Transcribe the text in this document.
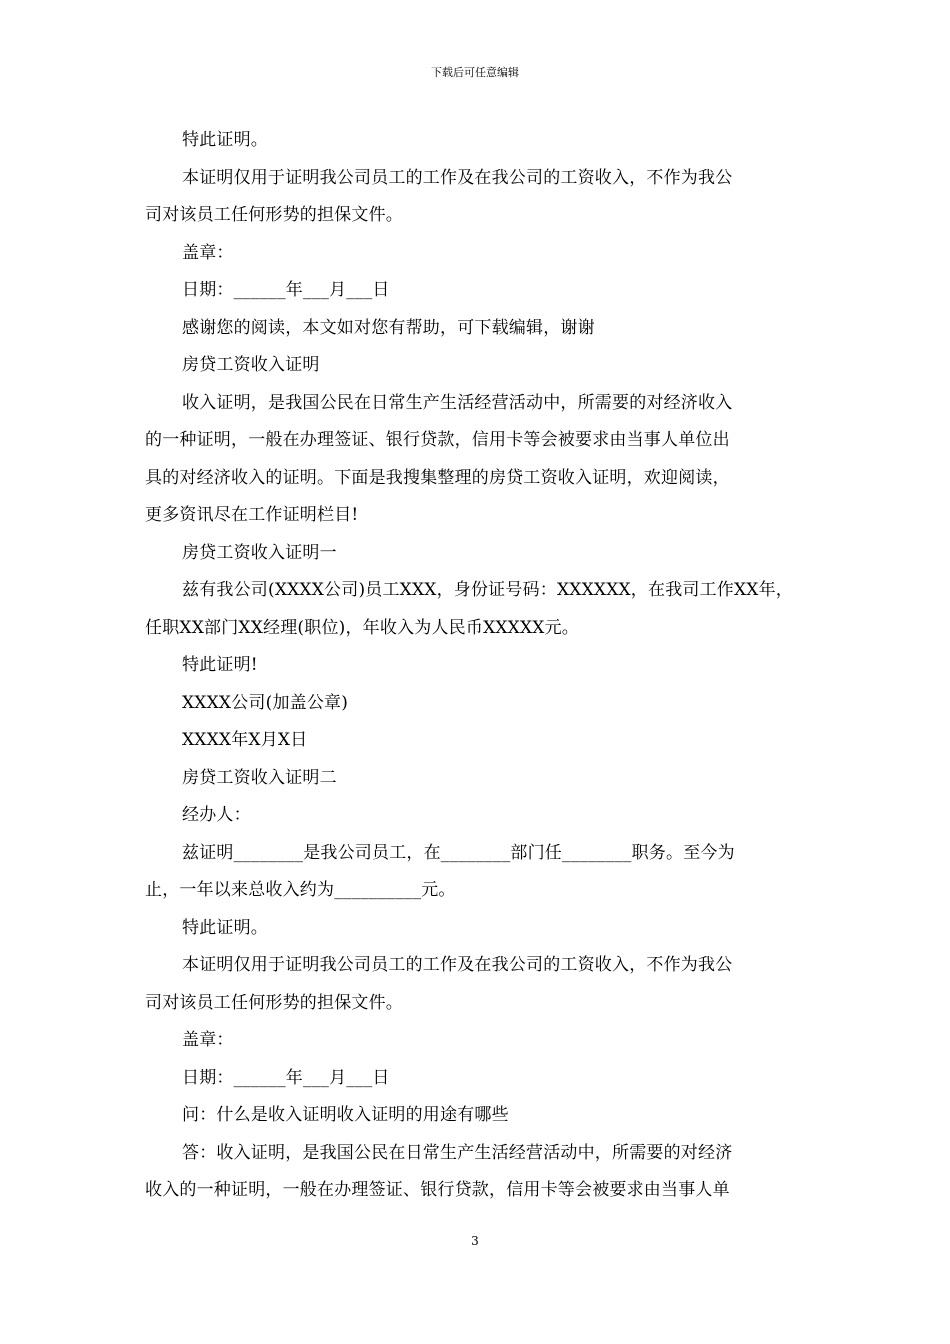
下载后可任意编辑

特此证明。

本证明仅用于证明我公司员工的工作及在我公司的工资收入，不作为我公

司对该员工任何形势的担保文件。

盖章：

日期：______年___月___日

感谢您的阅读，本文如对您有帮助，可下载编辑，谢谢

房贷工资收入证明

收入证明，是我国公民在日常生产生活经营活动中，所需要的对经济收入

的一种证明，一般在办理签证、银行贷款，信用卡等会被要求由当事人单位出

具的对经济收入的证明。下面是我搜集整理的房贷工资收入证明，欢迎阅读，

更多资讯尽在工作证明栏目!

房贷工资收入证明一

兹有我公司(XXXX公司)员工XXX，身份证号码：XXXXXX，在我司工作XX年，

任职XX部门XX经理(职位)，年收入为人民币XXXXX元。

特此证明!

XXXX公司(加盖公章)

XXXX年X月X日

房贷工资收入证明二

经办人：

兹证明________是我公司员工，在________部门任________职务。至今为

止，一年以来总收入约为__________元。

特此证明。

本证明仅用于证明我公司员工的工作及在我公司的工资收入，不作为我公

司对该员工任何形势的担保文件。

盖章：

日期：______年___月___日

问：什么是收入证明收入证明的用途有哪些

答：收入证明，是我国公民在日常生产生活经营活动中，所需要的对经济

收入的一种证明，一般在办理签证、银行贷款，信用卡等会被要求由当事人单

3
